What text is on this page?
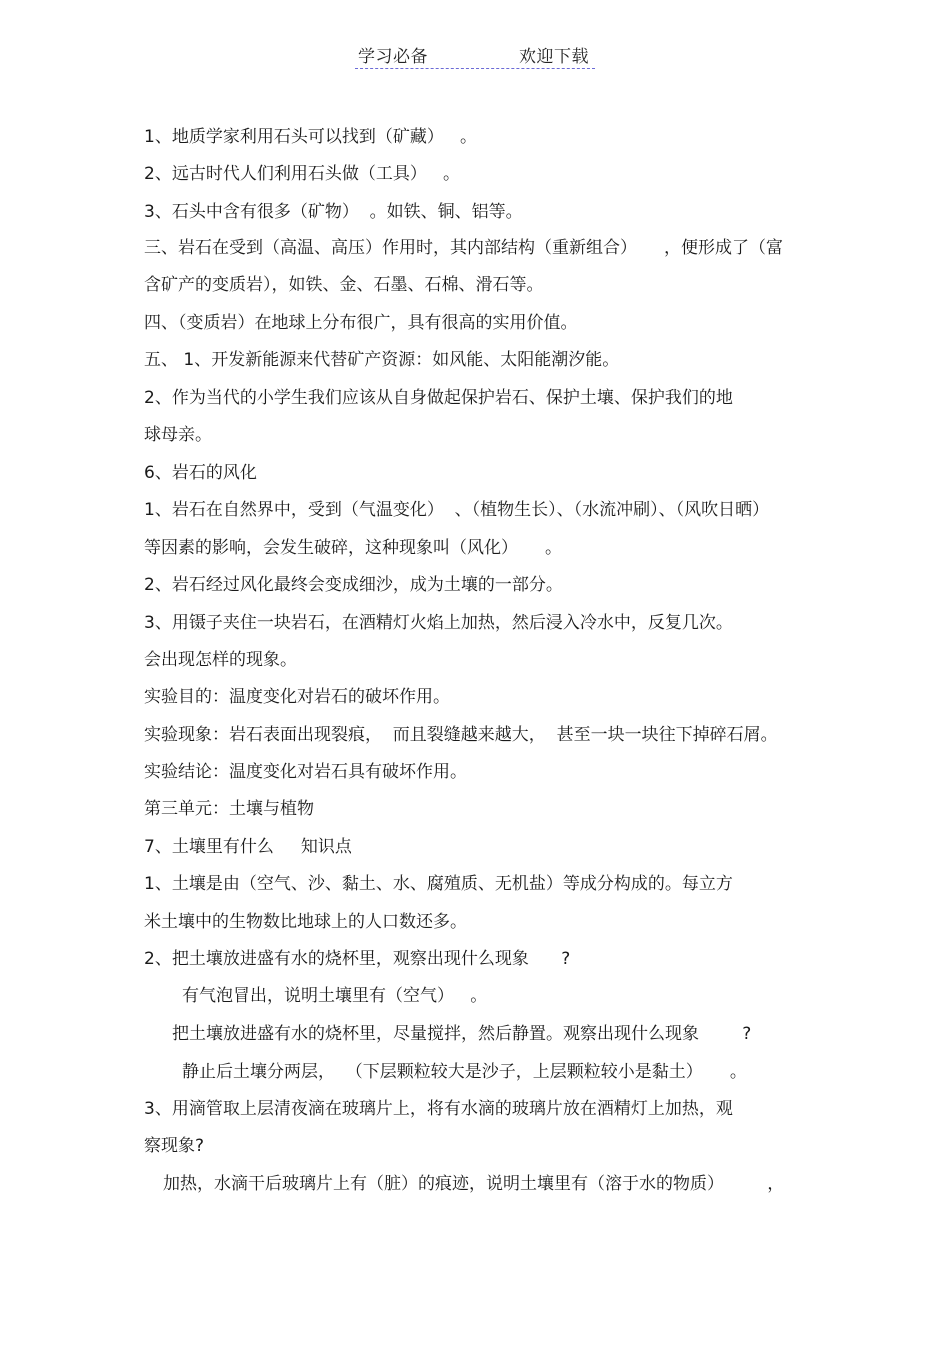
学习必备	欢迎下载
1、地质学家利用石头可以找到（矿藏）   。
2、远古时代人们利用石头做（工具）   。
3、石头中含有很多（矿物）  。如铁、铜、铝等。
三、岩石在受到（高温、高压）作用时，其内部结构（重新组合）     ，便形成了（富
含矿产的变质岩），如铁、金、石墨、石棉、滑石等。
四、（变质岩）在地球上分布很广，具有很高的实用价值。
五、 1、开发新能源来代替矿产资源：如风能、太阳能潮汐能。
2、作为当代的小学生我们应该从自身做起保护岩石、保护土壤、保护我们的地
球母亲。
6、岩石的风化
1、岩石在自然界中，受到（气温变化）  、（植物生长）、（水流冲刷）、（风吹日晒）
等因素的影响，会发生破碎，这种现象叫（风化）     。
2、岩石经过风化最终会变成细沙，成为土壤的一部分。
3、用镊子夹住一块岩石，在酒精灯火焰上加热，然后浸入冷水中，反复几次。
会出现怎样的现象。
实验目的：温度变化对岩石的破坏作用。
实验现象：岩石表面出现裂痕，  而且裂缝越来越大，  甚至一块一块往下掉碎石屑。
实验结论：温度变化对岩石具有破坏作用。
第三单元：土壤与植物
7、土壤里有什么     知识点
1、土壤是由（空气、沙、黏土、水、腐殖质、无机盐）等成分构成的。每立方
米土壤中的生物数比地球上的人口数还多。
2、把土壤放进盛有水的烧杯里，观察出现什么现象      ?
有气泡冒出，说明土壤里有（空气）   。
把土壤放进盛有水的烧杯里，尽量搅拌，然后静置。观察出现什么现象        ?
静止后土壤分两层，  （下层颗粒较大是沙子，上层颗粒较小是黏土）     。
3、用滴管取上层清夜滴在玻璃片上，将有水滴的玻璃片放在酒精灯上加热，观
察现象?
加热，水滴干后玻璃片上有（脏）的痕迹，说明土壤里有（溶于水的物质）        ，
